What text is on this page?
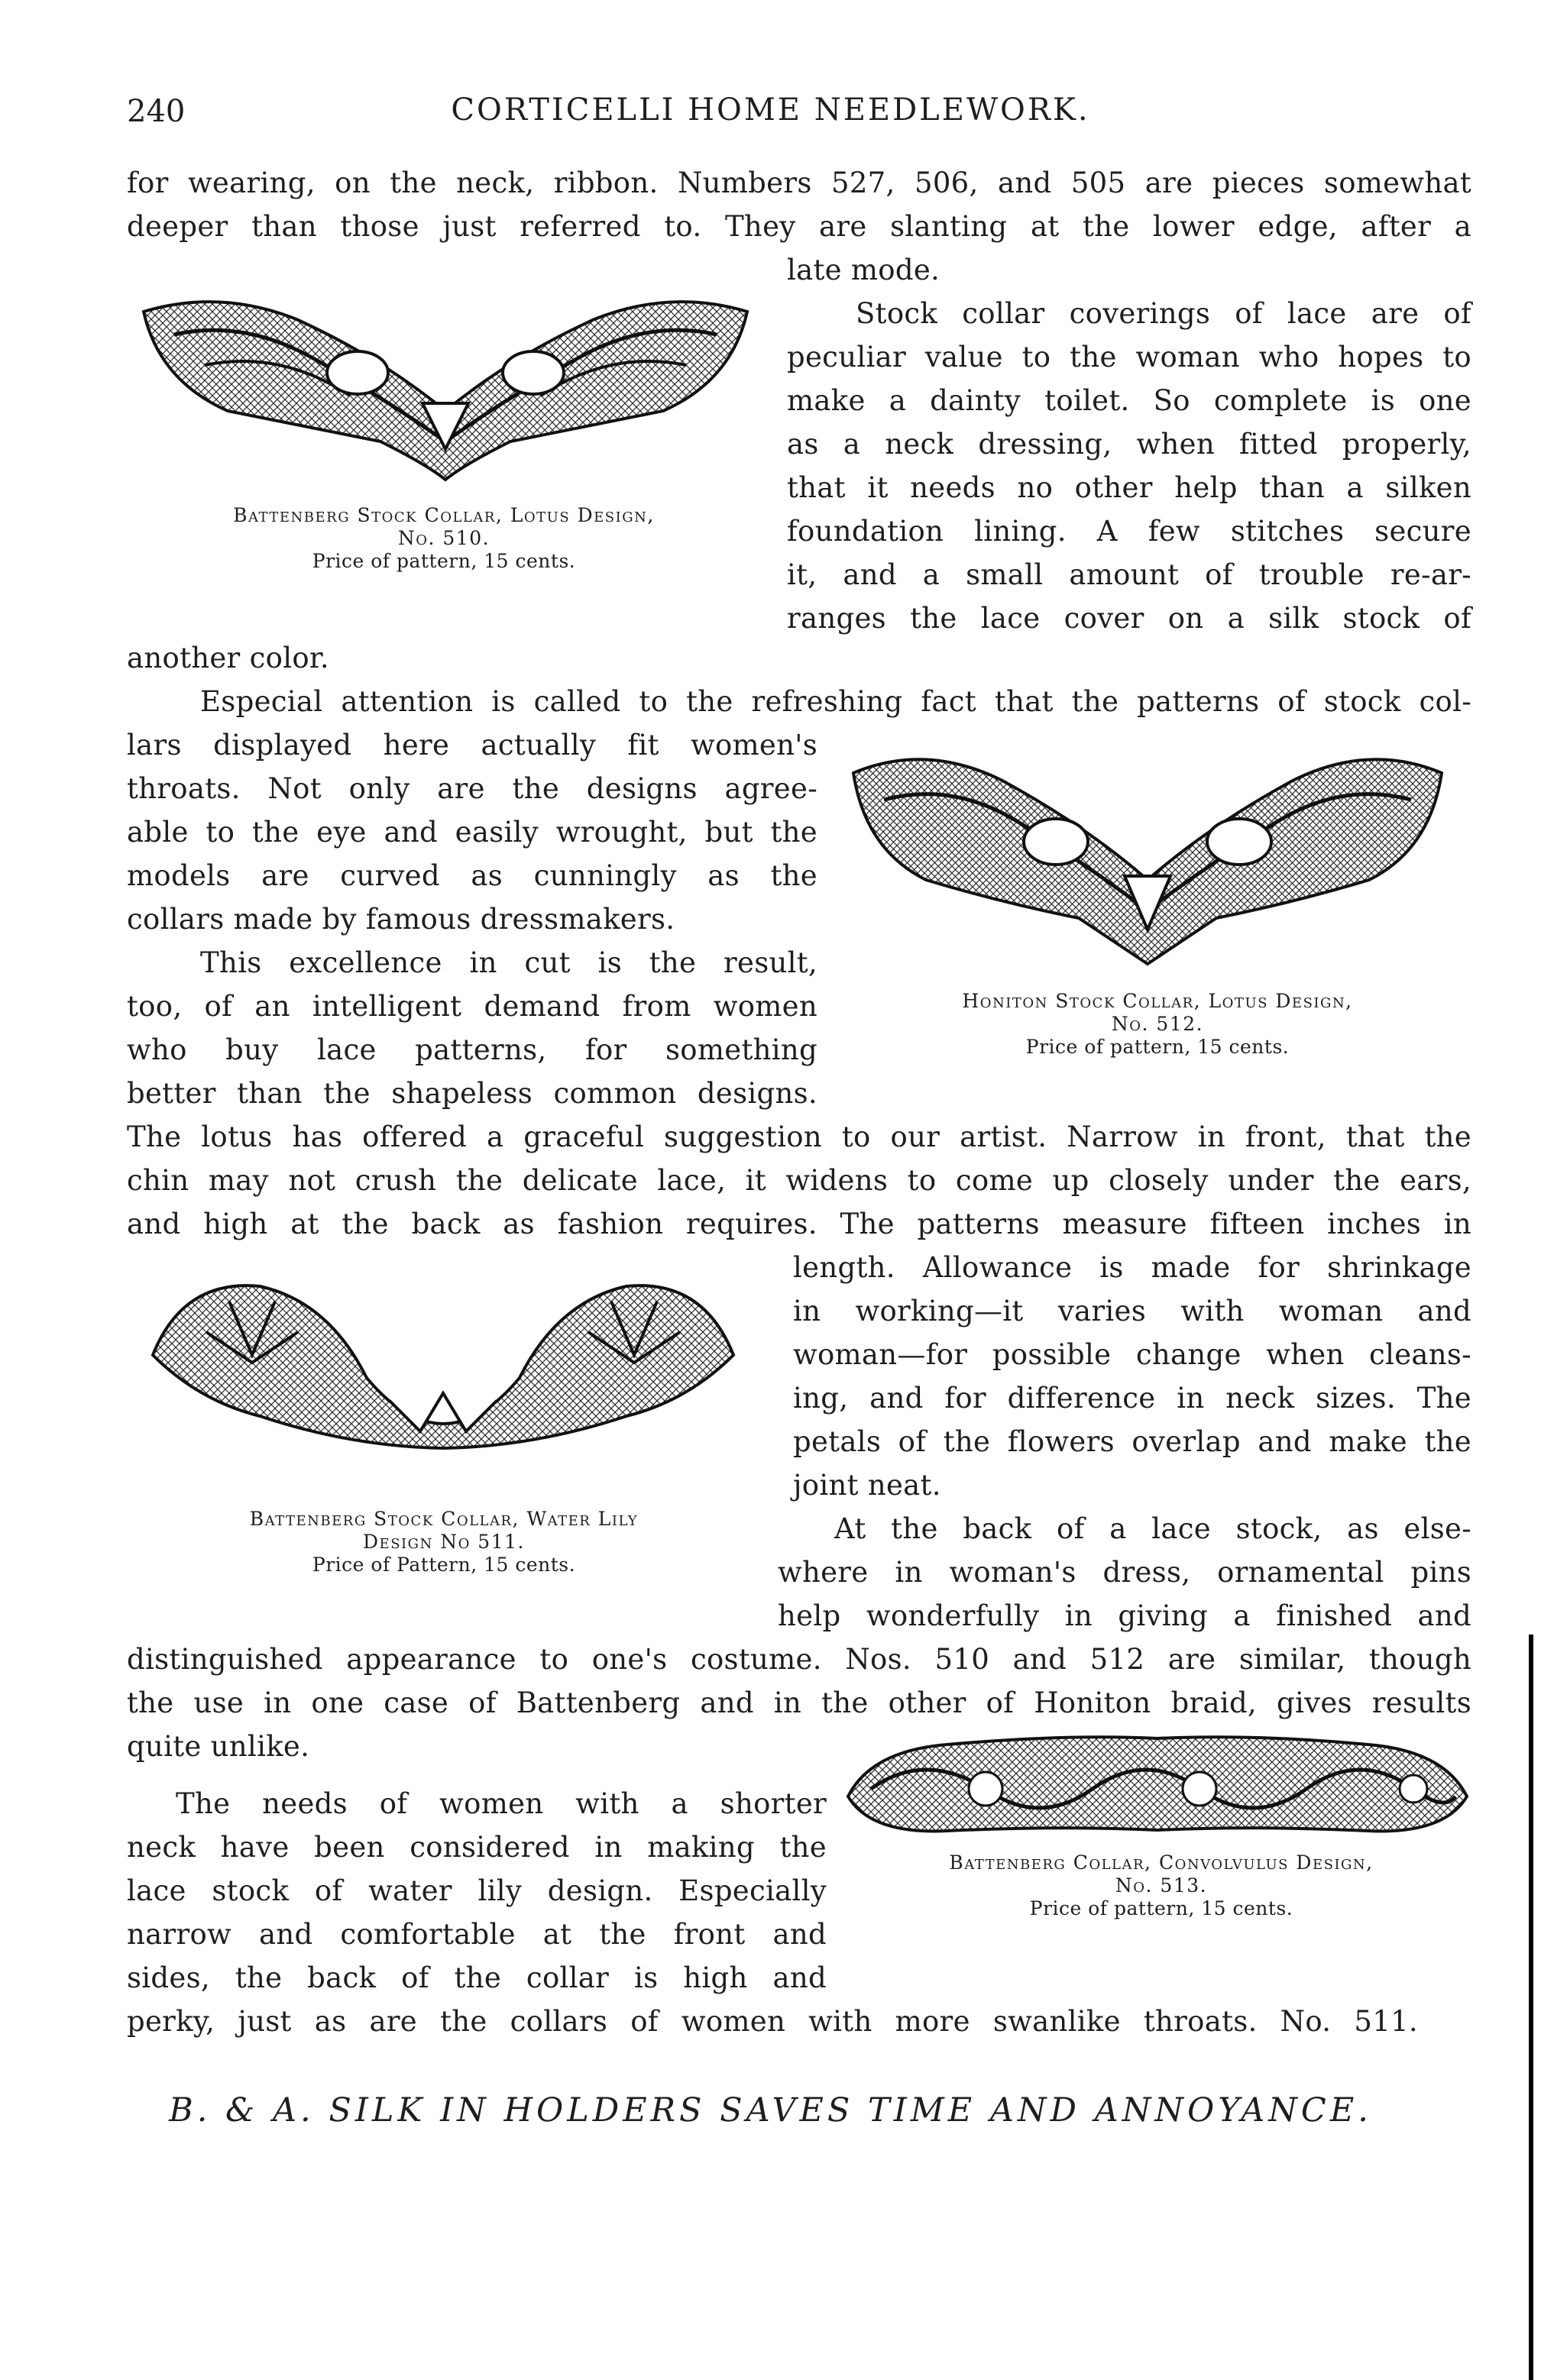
240	CORTICELLI HOME NEEDLEWORK.
for wearing, on the neck, ribbon. Numbers 527, 506, and 505 are pieces somewhat
deeper than those just referred to. They are slanting at the lower edge, after a
late mode.
Stock collar coverings of lace are of
peculiar value to the woman who hopes to
make a dainty toilet. So complete is one
as a neck dressing, when fitted properly,
that it needs no other help than a silken
foundation lining. A few stitches secure
it, and a small amount of trouble re-ar-
ranges the lace cover on a silk stock of
another color.
Especial attention is called to the refreshing fact that the patterns of stock col-
lars displayed here actually fit women's
throats. Not only are the designs agree-
able to the eye and easily wrought, but the
models are curved as cunningly as the
collars made by famous dressmakers.
This excellence in cut is the result,
too, of an intelligent demand from women
who buy lace patterns, for something
better than the shapeless common designs.
The lotus has offered a graceful suggestion to our artist. Narrow in front, that the
chin may not crush the delicate lace, it widens to come up closely under the ears,
and high at the back as fashion requires. The patterns measure fifteen inches in
length. Allowance is made for shrinkage
in working—it varies with woman and
woman—for possible change when cleans-
ing, and for difference in neck sizes. The
petals of the flowers overlap and make the
joint neat.
At the back of a lace stock, as else-
where in woman's dress, ornamental pins
help wonderfully in giving a finished and
distinguished appearance to one's costume. Nos. 510 and 512 are similar, though
the use in one case of Battenberg and in the other of Honiton braid, gives results
quite unlike.
The needs of women with a shorter
neck have been considered in making the
lace stock of water lily design. Especially
narrow and comfortable at the front and
sides, the back of the collar is high and
perky, just as are the collars of women with more swanlike throats. No. 511.
Battenberg Stock Collar, Lotus Design,
No. 510.
Price of pattern, 15 cents.
Honiton Stock Collar, Lotus Design,
No. 512.
Price of pattern, 15 cents.
Battenberg Stock Collar, Water Lily
Design No 511.
Price of Pattern, 15 cents.
Battenberg Collar, Convolvulus Design,
No. 513.
Price of pattern, 15 cents.
B. & A. SILK IN HOLDERS SAVES TIME AND ANNOYANCE.
